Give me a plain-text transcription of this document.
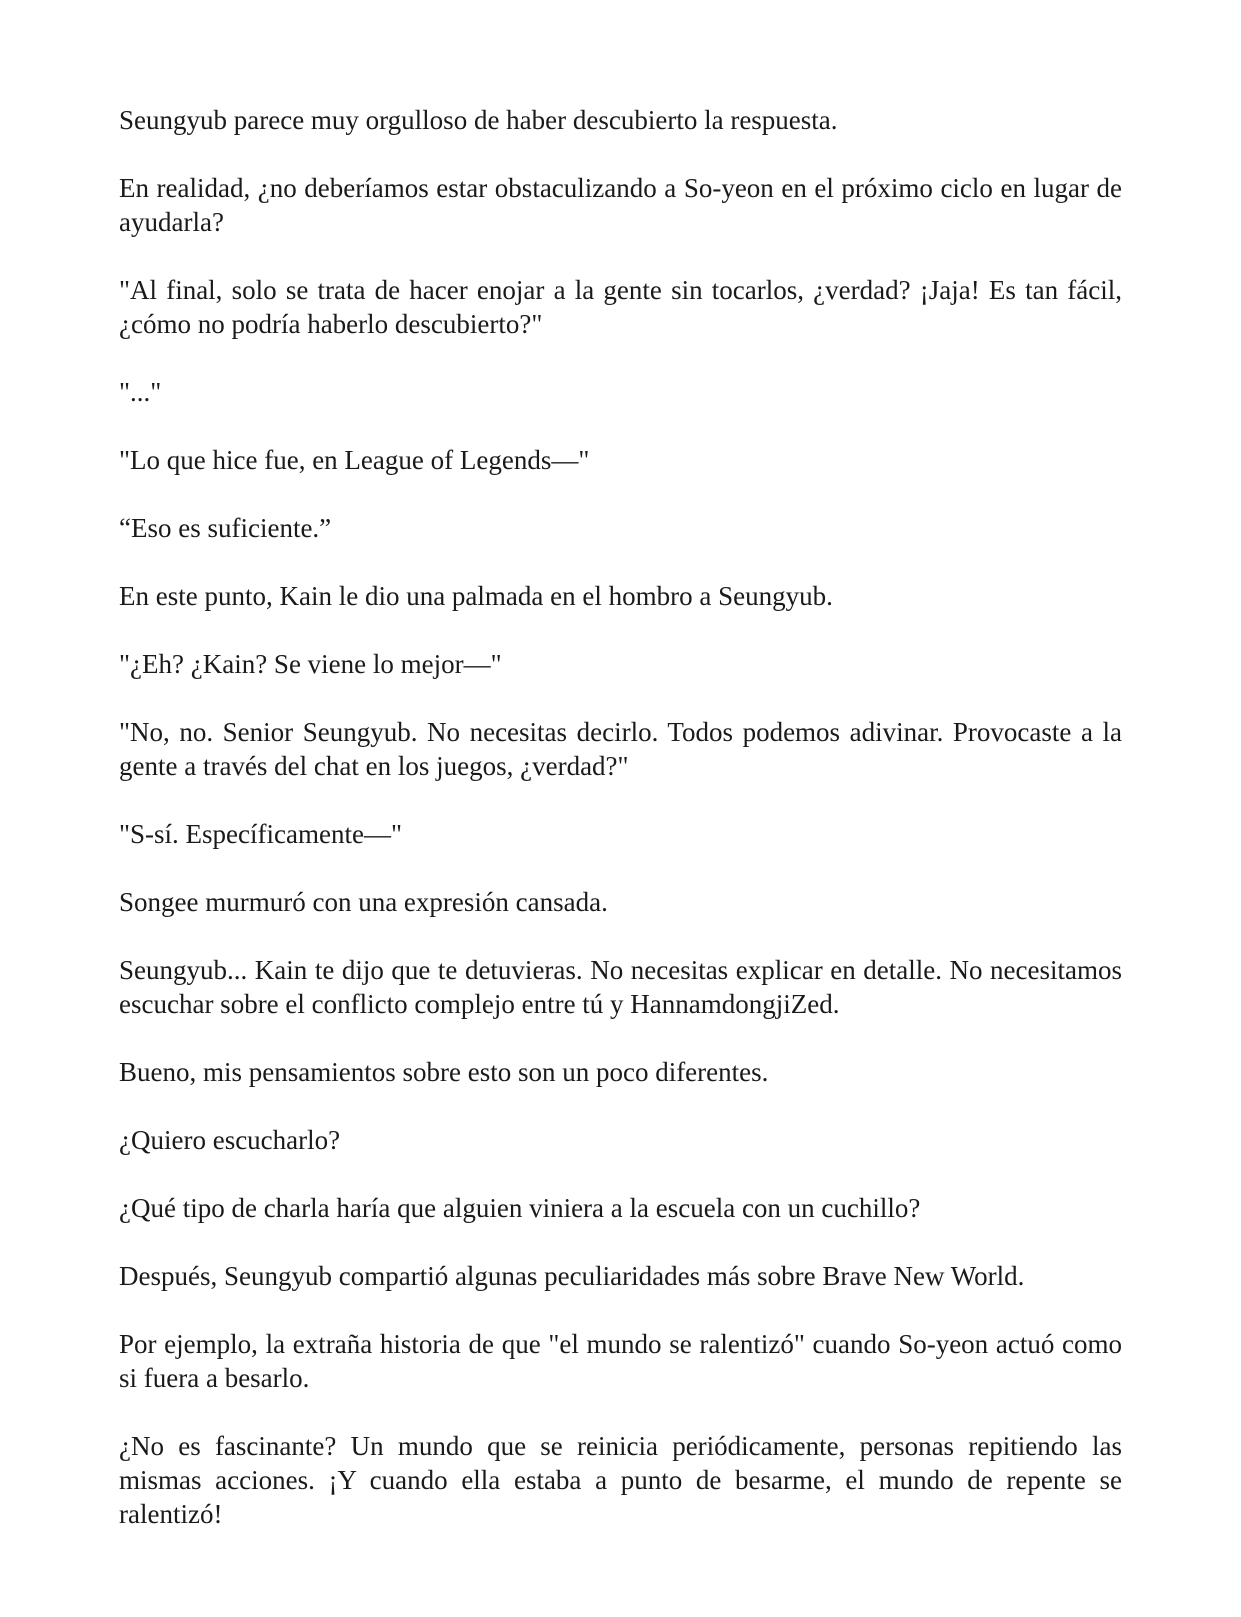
Seungyub parece muy orgulloso de haber descubierto la respuesta.

En realidad, ¿no deberíamos estar obstaculizando a So-yeon en el próximo ciclo en lugar de ayudarla?

"Al final, solo se trata de hacer enojar a la gente sin tocarlos, ¿verdad? ¡Jaja! Es tan fácil, ¿cómo no podría haberlo descubierto?"

"..."

"Lo que hice fue, en League of Legends—"

“Eso es suficiente.”

En este punto, Kain le dio una palmada en el hombro a Seungyub.

"¿Eh? ¿Kain? Se viene lo mejor—"

"No, no. Senior Seungyub. No necesitas decirlo. Todos podemos adivinar. Provocaste a la gente a través del chat en los juegos, ¿verdad?"

"S-sí. Específicamente—"

Songee murmuró con una expresión cansada.

Seungyub... Kain te dijo que te detuvieras. No necesitas explicar en detalle. No necesitamos escuchar sobre el conflicto complejo entre tú y HannamdongjiZed.

Bueno, mis pensamientos sobre esto son un poco diferentes.

¿Quiero escucharlo?

¿Qué tipo de charla haría que alguien viniera a la escuela con un cuchillo?

Después, Seungyub compartió algunas peculiaridades más sobre Brave New World.

Por ejemplo, la extraña historia de que "el mundo se ralentizó" cuando So-yeon actuó como si fuera a besarlo.

¿No es fascinante? Un mundo que se reinicia periódicamente, personas repitiendo las mismas acciones. ¡Y cuando ella estaba a punto de besarme, el mundo de repente se ralentizó!
